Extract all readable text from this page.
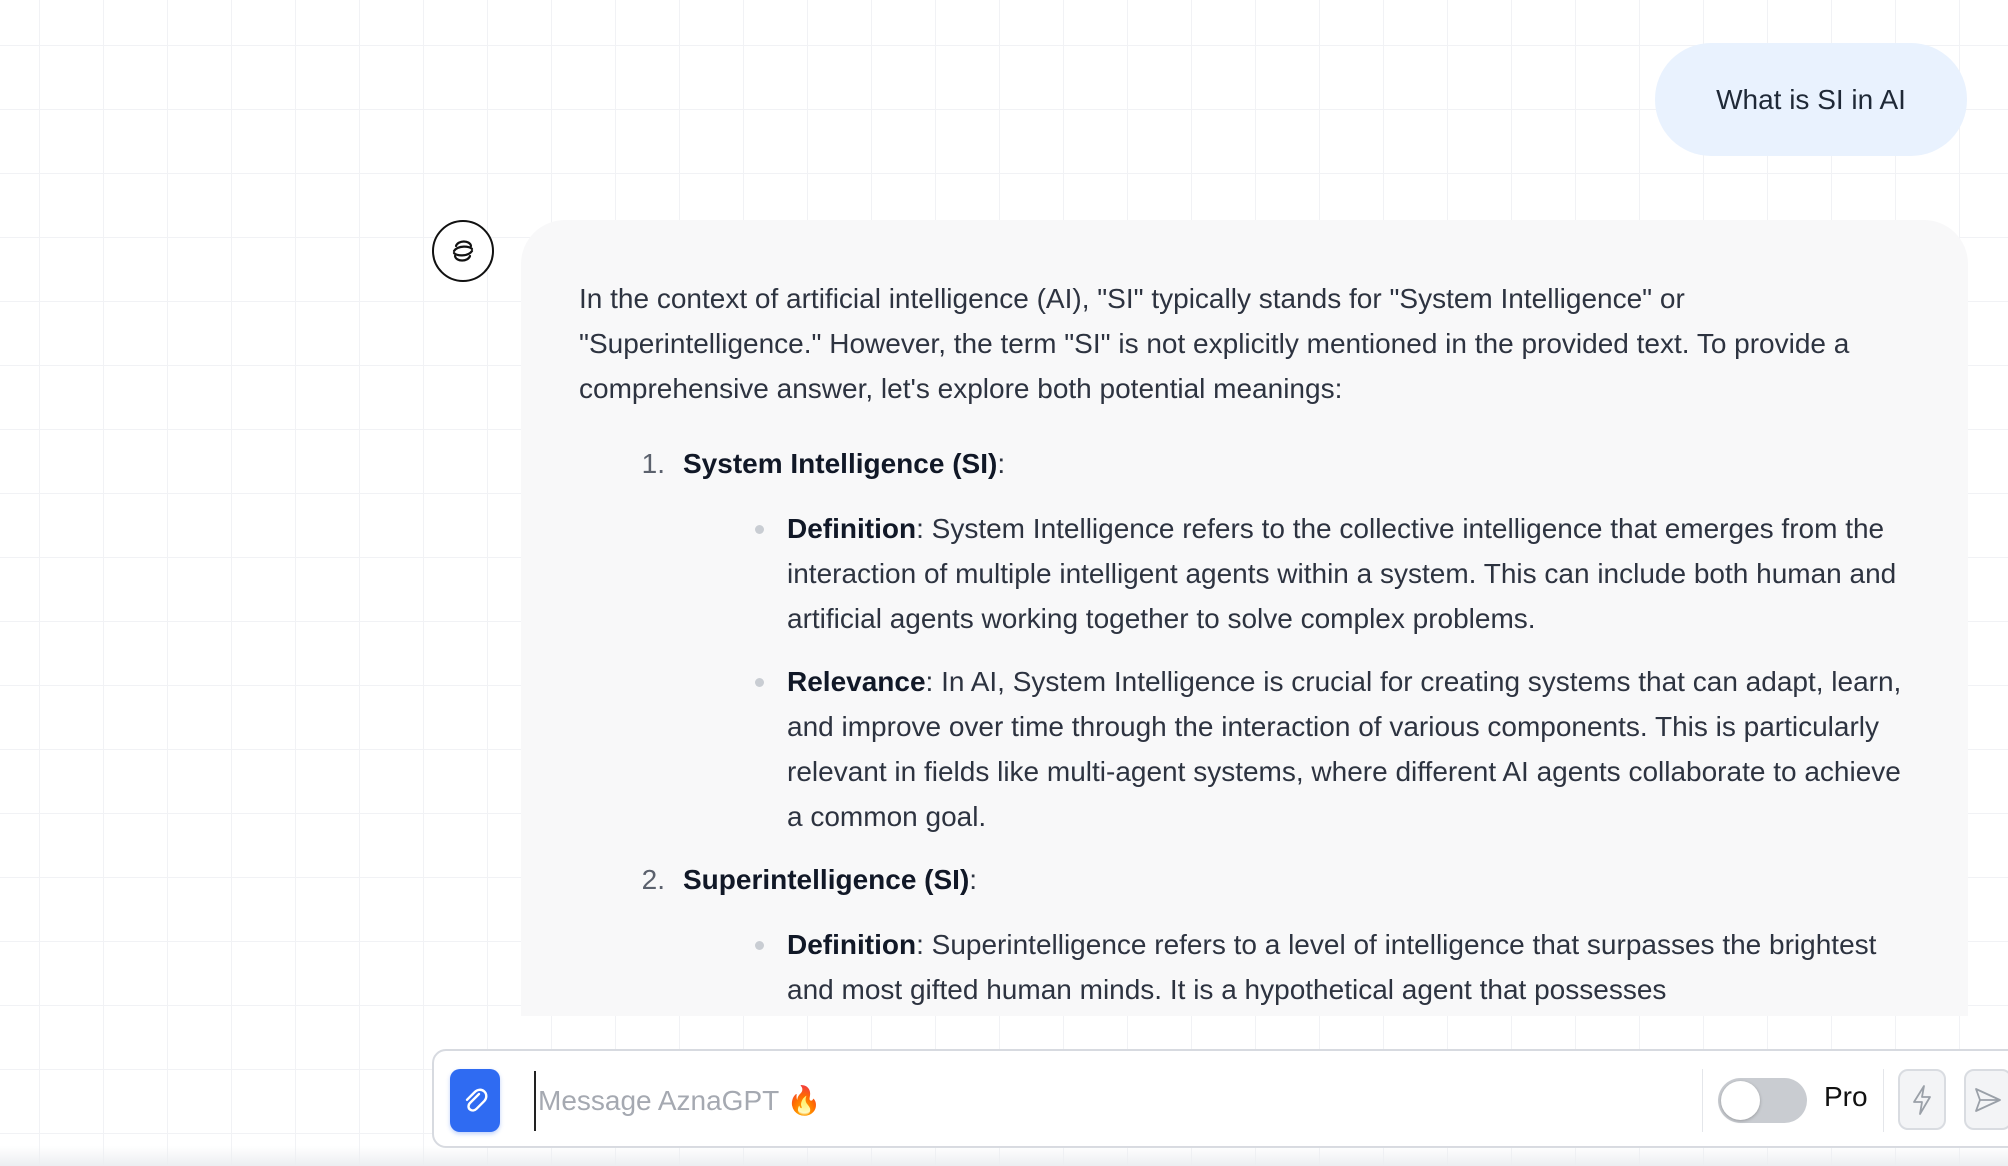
What is SI in AI

In the context of artificial intelligence (AI), "SI" typically stands for "System Intelligence" or "Superintelligence." However, the term "SI" is not explicitly mentioned in the provided text. To provide a comprehensive answer, let's explore both potential meanings:

1. System Intelligence (SI):
Definition: System Intelligence refers to the collective intelligence that emerges from the interaction of multiple intelligent agents within a system. This can include both human and artificial agents working together to solve complex problems.
Relevance: In AI, System Intelligence is crucial for creating systems that can adapt, learn, and improve over time through the interaction of various components. This is particularly relevant in fields like multi-agent systems, where different AI agents collaborate to achieve a common goal.
2. Superintelligence (SI):
Definition: Superintelligence refers to a level of intelligence that surpasses the brightest and most gifted human minds. It is a hypothetical agent that possesses
Message AznaGPT 🔥
Pro
